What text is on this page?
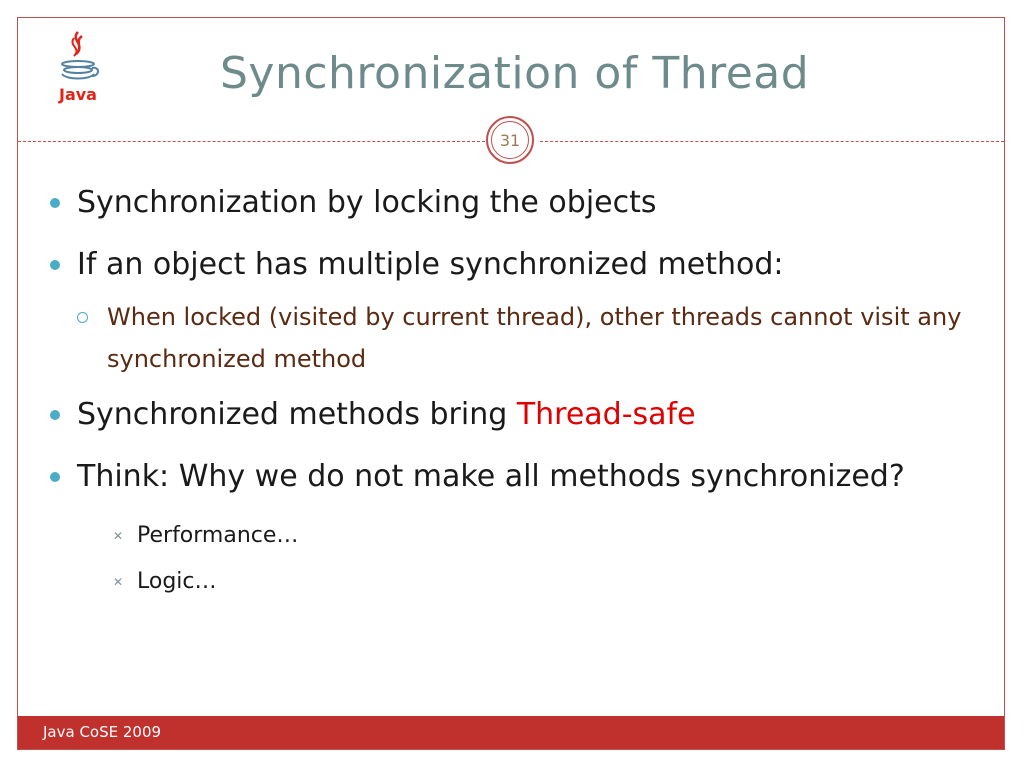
Java	Synchronization of Thread
31
Synchronization by locking the objects
If an object has multiple synchronized method:
When locked (visited by current thread), other threads cannot visit any synchronized method
Synchronized methods bring Thread-safe
Think: Why we do not make all methods synchronized?
✕ Performance…
✕ Logic…
Java CoSE 2009
